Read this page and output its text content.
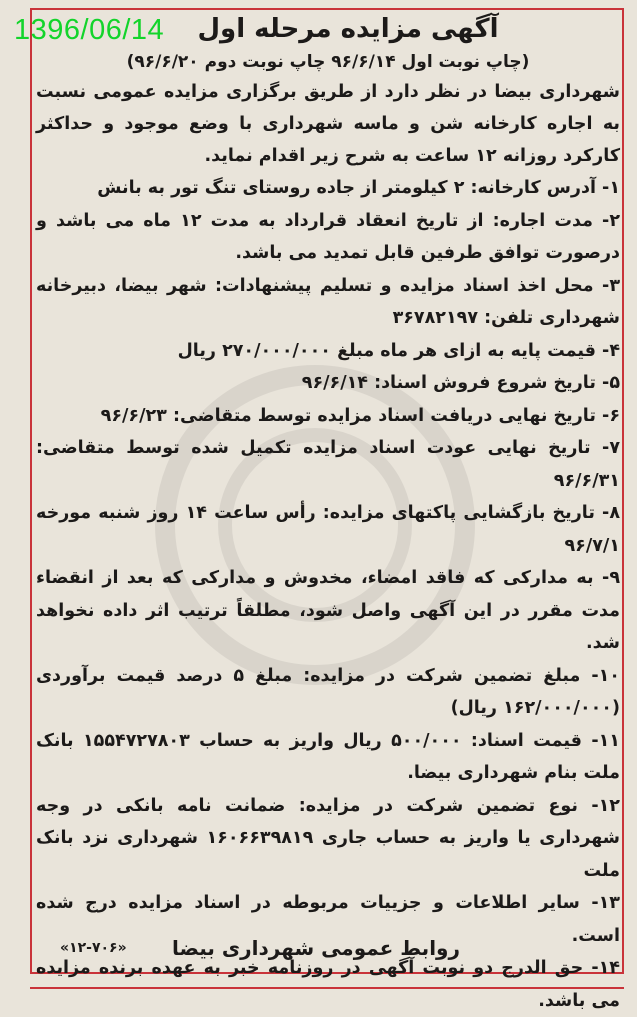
1396/06/14	آگهی مزایده مرحله اول
(چاپ نوبت اول ۹۶/۶/۱۴ چاپ نوبت دوم ۹۶/۶/۲۰)

شهرداری بیضا در نظر دارد از طریق برگزاری مزایده عمومی نسبت به اجاره کارخانه شن و ماسه شهرداری با وضع موجود و حداکثر کارکرد روزانه ۱۲ ساعت به شرح زیر اقدام نماید.

۱- آدرس کارخانه: ۲ کیلومتر از جاده روستای تنگ تور به بانش

۲- مدت اجاره: از تاریخ انعقاد قرارداد به مدت ۱۲ ماه می باشد و درصورت توافق طرفین قابل تمدید می باشد.

۳- محل اخذ اسناد مزایده و تسلیم پیشنهادات: شهر بیضا، دبیرخانه شهرداری تلفن: ۳۶۷۸۲۱۹۷

۴- قیمت پایه به ازای هر ماه مبلغ ۲۷۰/۰۰۰/۰۰۰ ریال

۵- تاریخ شروع فروش اسناد: ۹۶/۶/۱۴

۶- تاریخ نهایی دریافت اسناد مزایده توسط متقاضی: ۹۶/۶/۲۳

۷- تاریخ نهایی عودت اسناد مزایده تکمیل شده توسط متقاضی: ۹۶/۶/۳۱

۸- تاریخ بازگشایی پاکتهای مزایده: رأس ساعت ۱۴ روز شنبه مورخه ۹۶/۷/۱

۹- به مدارکی که فاقد امضاء، مخدوش و مدارکی که بعد از انقضاء مدت مقرر در این آگهی واصل شود، مطلقاً ترتیب اثر داده نخواهد شد.

۱۰- مبلغ تضمین شرکت در مزایده: مبلغ ۵ درصد قیمت برآوردی (۱۶۲/۰۰۰/۰۰۰ ریال)

۱۱- قیمت اسناد: ۵۰۰/۰۰۰ ریال واریز به حساب ۱۵۵۴۷۲۷۸۰۳ بانک ملت بنام شهرداری بیضا.

۱۲- نوع تضمین شرکت در مزایده: ضمانت نامه بانکی در وجه شهرداری یا واریز به حساب جاری ۱۶۰۶۶۳۹۸۱۹ شهرداری نزد بانک ملت

۱۳- سایر اطلاعات و جزییات مربوطه در اسناد مزایده درج شده است.

۱۴- حق الدرج دو نوبت آگهی در روزنامه خبر به عهده برنده مزایده می باشد.

روابط عمومی شهرداری بیضا
«۱۲-۷۰۶»
